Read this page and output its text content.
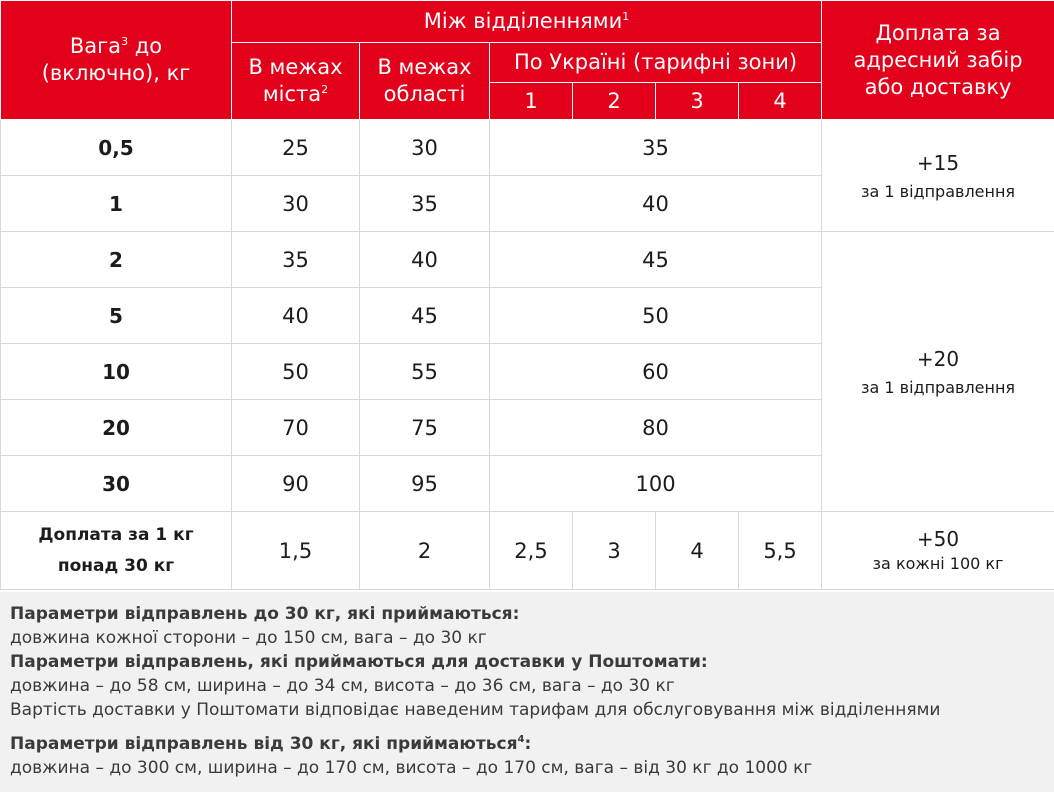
Вага$^3$ до
(включно), кг	Між відділеннями$^1$						Доплата за
адресний забір
або доставку
	В межах
міста$^2$	В межах
області	По Україні (тарифні зони)				
			1	2	3	4	
0,5	25	30	35				+15
за 1 відправлення

1	30	35	40				
2	35	40	45				+20
за 1 відправлення

5	40	45	50				
10	50	55	60				
20	70	75	80				
30	90	95	100				
Доплата за 1 кг
понад 30 кг	1,5	2	2,5	3	4	5,5	+50
за кожні 100 кг
Параметри відправлень до 30 кг, які приймаються:
довжина кожної сторони – до 150 см, вага – до 30 кг
Параметри відправлень, які приймаються для доставки у Поштомати:
довжина – до 58 см, ширина – до 34 см, висота – до 36 см, вага – до 30 кг
Вартість доставки у Поштомати відповідає наведеним тарифам для обслуговування між відділеннями
Параметри відправлень від 30 кг, які приймаються$^4$:
довжина – до 300 см, ширина – до 170 см, висота – до 170 см, вага – від 30 кг до 1000 кг
